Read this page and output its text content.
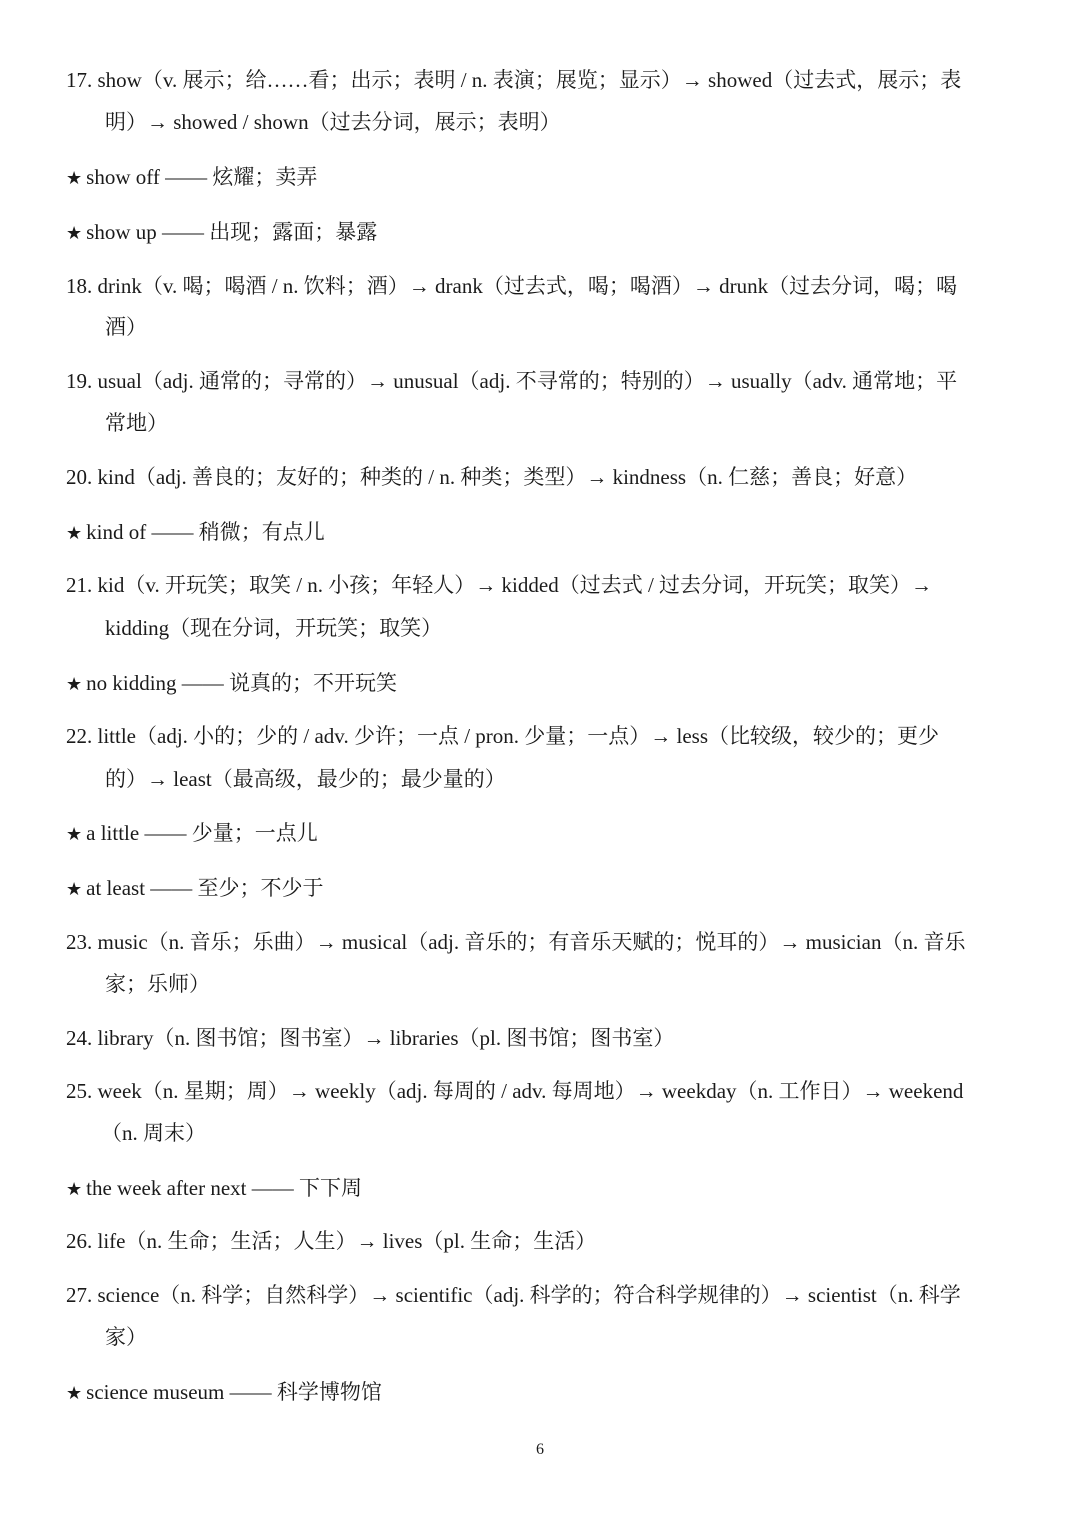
17. show（v. 展示；给……看；出示；表明 / n. 表演；展览；显示）→ showed（过去式，展示；表
明）→ showed / shown（过去分词，展示；表明）
★ show off —— 炫耀；卖弄
★ show up —— 出现；露面；暴露
18. drink（v. 喝；喝酒 / n. 饮料；酒）→ drank（过去式，喝；喝酒）→ drunk（过去分词，喝；喝
酒）
19. usual（adj. 通常的；寻常的）→ unusual（adj. 不寻常的；特别的）→ usually（adv. 通常地；平
常地）
20. kind（adj. 善良的；友好的；种类的 / n. 种类；类型）→ kindness（n. 仁慈；善良；好意）
★ kind of —— 稍微；有点儿
21. kid（v. 开玩笑；取笑 / n. 小孩；年轻人）→ kidded（过去式 / 过去分词，开玩笑；取笑）→
kidding（现在分词，开玩笑；取笑）
★ no kidding —— 说真的；不开玩笑
22. little（adj. 小的；少的 / adv. 少许；一点 / pron. 少量；一点）→ less（比较级，较少的；更少
的）→ least（最高级，最少的；最少量的）
★ a little —— 少量；一点儿
★ at least —— 至少；不少于
23. music（n. 音乐；乐曲）→ musical（adj. 音乐的；有音乐天赋的；悦耳的）→ musician（n. 音乐
家；乐师）
24. library（n. 图书馆；图书室）→ libraries（pl. 图书馆；图书室）
25. week（n. 星期；周）→ weekly（adj. 每周的 / adv. 每周地）→ weekday（n. 工作日）→ weekend
（n. 周末）
★ the week after next —— 下下周
26. life（n. 生命；生活；人生）→ lives（pl. 生命；生活）
27. science（n. 科学；自然科学）→ scientific（adj. 科学的；符合科学规律的）→ scientist（n. 科学
家）
★ science museum —— 科学博物馆
6
